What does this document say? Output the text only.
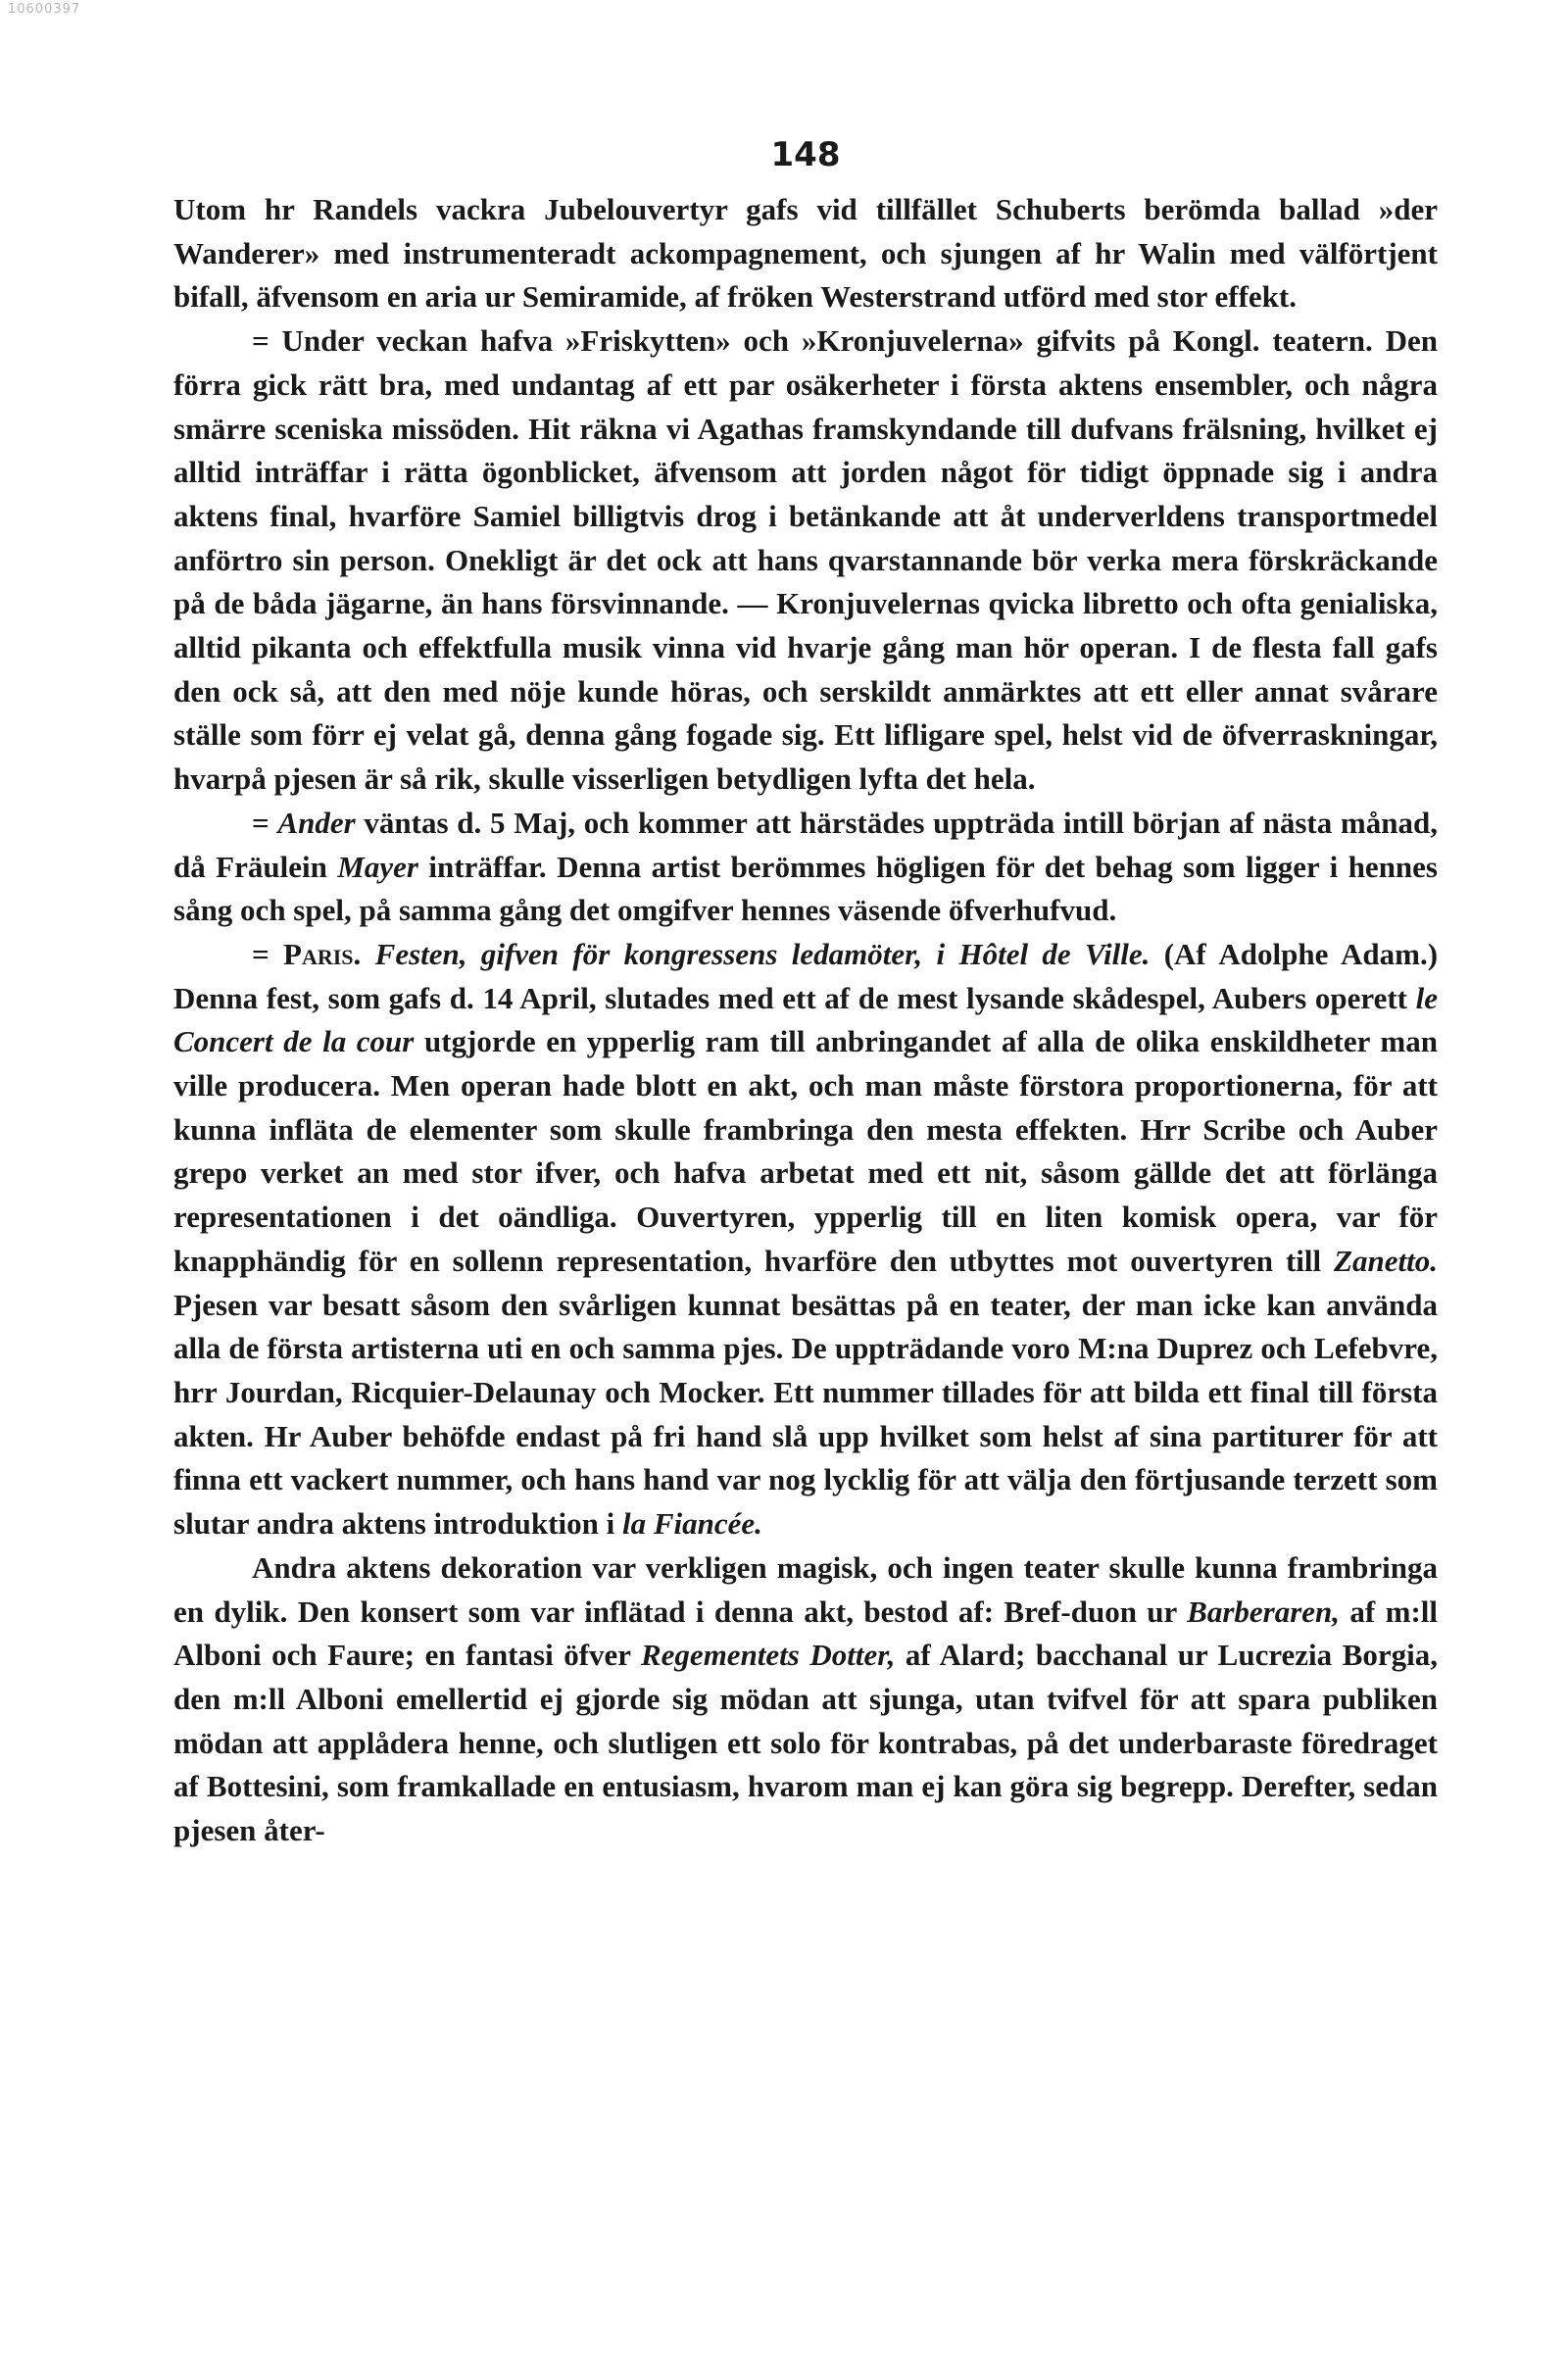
10600397
148

Utom hr Randels vackra Jubelouvertyr gafs vid tillfället Schuberts berömda ballad »der Wanderer» med instrumenteradt ackompagnement, och sjungen af hr Walin med välförtjent bifall, äfvensom en aria ur Semiramide, af fröken Westerstrand utförd med stor effekt.

= Under veckan hafva »Friskytten» och »Kronjuvelerna» gifvits på Kongl. teatern. Den förra gick rätt bra, med undantag af ett par osäkerheter i första aktens ensembler, och några smärre sceniska missöden. Hit räkna vi Agathas framskyndande till dufvans frälsning, hvilket ej alltid inträffar i rätta ögonblicket, äfvensom att jorden något för tidigt öppnade sig i andra aktens final, hvarföre Samiel billigtvis drog i betänkande att åt underverldens transportmedel anförtro sin person. Onekligt är det ock att hans qvarstannande bör verka mera förskräckande på de båda jägarne, än hans försvinnande. — Kronjuvelernas qvicka libretto och ofta genialiska, alltid pikanta och effektfulla musik vinna vid hvarje gång man hör operan. I de flesta fall gafs den ock så, att den med nöje kunde höras, och serskildt anmärktes att ett eller annat svårare ställe som förr ej velat gå, denna gång fogade sig. Ett lifligare spel, helst vid de öfverraskningar, hvarpå pjesen är så rik, skulle visserligen betydligen lyfta det hela.

= Ander väntas d. 5 Maj, och kommer att härstädes uppträda intill början af nästa månad, då Fräulein Mayer inträffar. Denna artist berömmes högligen för det behag som ligger i hennes sång och spel, på samma gång det omgifver hennes väsende öfverhufvud.

= Paris. Festen, gifven för kongressens ledamöter, i Hôtel de Ville. (Af Adolphe Adam.) Denna fest, som gafs d. 14 April, slutades med ett af de mest lysande skådespel, Aubers operett le Concert de la cour utgjorde en ypperlig ram till anbringandet af alla de olika enskildheter man ville producera. Men operan hade blott en akt, och man måste förstora proportionerna, för att kunna infläta de elementer som skulle frambringa den mesta effekten. Hrr Scribe och Auber grepo verket an med stor ifver, och hafva arbetat med ett nit, såsom gällde det att förlänga representationen i det oändliga. Ouvertyren, ypperlig till en liten komisk opera, var för knapphändig för en sollenn representation, hvarföre den utbyttes mot ouvertyren till Zanetto. Pjesen var besatt såsom den svårligen kunnat besättas på en teater, der man icke kan använda alla de första artisterna uti en och samma pjes. De uppträdande voro M:na Duprez och Lefebvre, hrr Jourdan, Ricquier-Delaunay och Mocker. Ett nummer tillades för att bilda ett final till första akten. Hr Auber behöfde endast på fri hand slå upp hvilket som helst af sina partiturer för att finna ett vackert nummer, och hans hand var nog lycklig för att välja den förtjusande terzett som slutar andra aktens introduktion i la Fiancée.

Andra aktens dekoration var verkligen magisk, och ingen teater skulle kunna frambringa en dylik. Den konsert som var inflätad i denna akt, bestod af: Bref-duon ur Barberaren, af m:ll Alboni och Faure; en fantasi öfver Regementets Dotter, af Alard; bacchanal ur Lucrezia Borgia, den m:ll Alboni emellertid ej gjorde sig mödan att sjunga, utan tvifvel för att spara publiken mödan att applådera henne, och slutligen ett solo för kontrabas, på det underbaraste föredraget af Bottesini, som framkallade en entusiasm, hvarom man ej kan göra sig begrepp. Derefter, sedan pjesen åter-
